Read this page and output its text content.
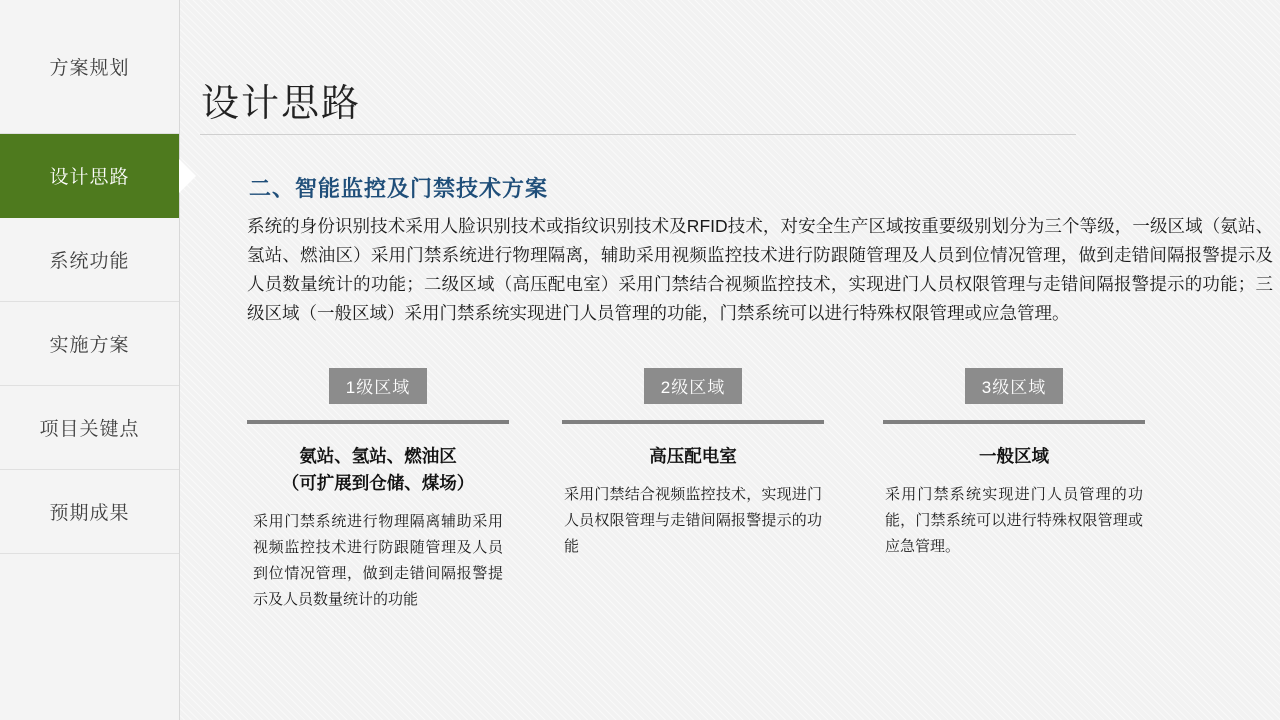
方案规划
设计思路
系统功能
实施方案
项目关键点
预期成果
设计思路
二、智能监控及门禁技术方案
系统的身份识别技术采用人脸识别技术或指纹识别技术及RFID技术，对安全生产区域按重要级别划分为三个等级，一级区域（氨站、氢站、燃油区）采用门禁系统进行物理隔离，辅助采用视频监控技术进行防跟随管理及人员到位情况管理，做到走错间隔报警提示及人员数量统计的功能；二级区域（高压配电室）采用门禁结合视频监控技术，实现进门人员权限管理与走错间隔报警提示的功能；三级区域（一般区域）采用门禁系统实现进门人员管理的功能，门禁系统可以进行特殊权限管理或应急管理。
1级区域
氨站、氢站、燃油区
（可扩展到仓储、煤场）
采用门禁系统进行物理隔离辅助采用视频监控技术进行防跟随管理及人员到位情况管理，做到走错间隔报警提示及人员数量统计的功能
2级区域
高压配电室
采用门禁结合视频监控技术，实现进门人员权限管理与走错间隔报警提示的功能
3级区域
一般区域
采用门禁系统实现进门人员管理的功能，门禁系统可以进行特殊权限管理或应急管理。
